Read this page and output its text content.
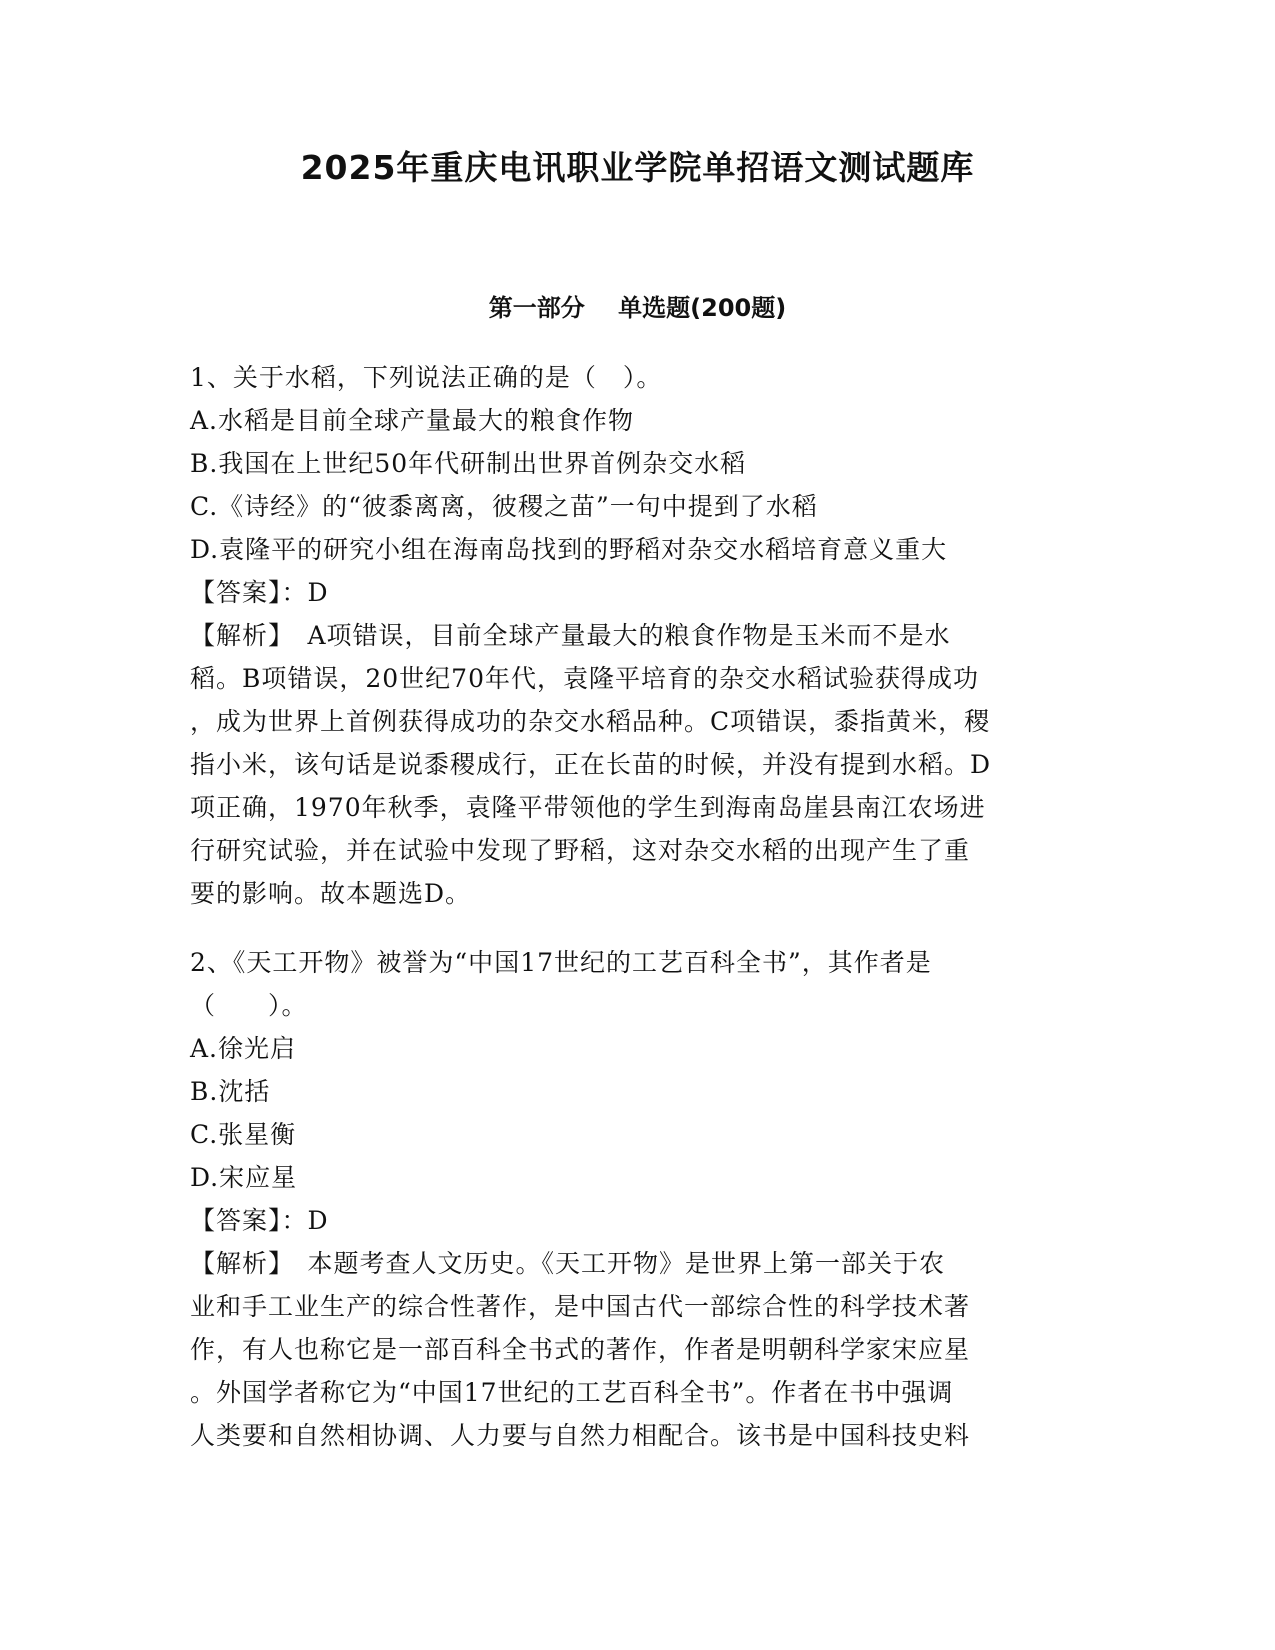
2025年重庆电讯职业学院单招语文测试题库
第一部分    单选题(200题)
1、关于水稻，下列说法正确的是（　）。
A.水稻是目前全球产量最大的粮食作物
B.我国在上世纪50年代研制出世界首例杂交水稻
C.《诗经》的“彼黍离离，彼稷之苗”一句中提到了水稻
D.袁隆平的研究小组在海南岛找到的野稻对杂交水稻培育意义重大
【答案】：D
【解析】　A项错误，目前全球产量最大的粮食作物是玉米而不是水
稻。B项错误，20世纪70年代，袁隆平培育的杂交水稻试验获得成功
，成为世界上首例获得成功的杂交水稻品种。C项错误，黍指黄米，稷
指小米，该句话是说黍稷成行，正在长苗的时候，并没有提到水稻。D
项正确，1970年秋季，袁隆平带领他的学生到海南岛崖县南江农场进
行研究试验，并在试验中发现了野稻，这对杂交水稻的出现产生了重
要的影响。故本题选D。
2、《天工开物》被誉为“中国17世纪的工艺百科全书”，其作者是
（　　）。
A.徐光启
B.沈括
C.张星衡
D.宋应星
【答案】：D
【解析】　本题考查人文历史。《天工开物》是世界上第一部关于农
业和手工业生产的综合性著作，是中国古代一部综合性的科学技术著
作，有人也称它是一部百科全书式的著作，作者是明朝科学家宋应星
。外国学者称它为“中国17世纪的工艺百科全书”。作者在书中强调
人类要和自然相协调、人力要与自然力相配合。该书是中国科技史料
